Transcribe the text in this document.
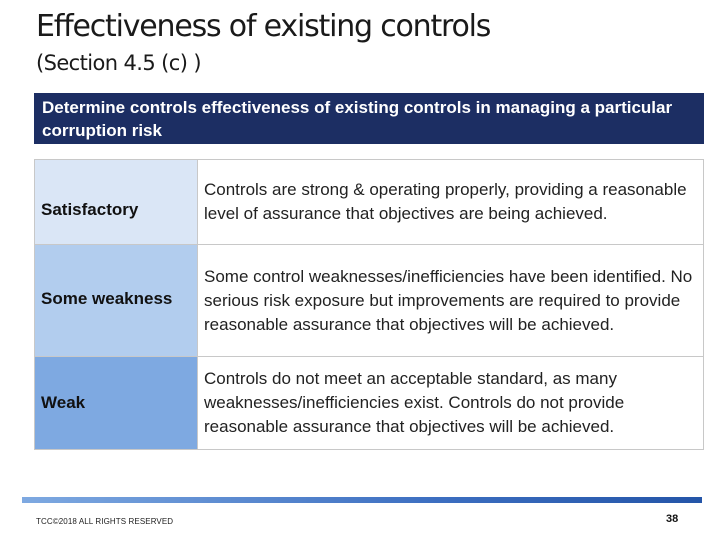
Effectiveness of existing controls
(Section 4.5 (c) )
Determine controls effectiveness of existing controls in managing a particular corruption risk
Satisfactory	Controls are strong & operating properly, providing a reasonable level of assurance that objectives are being achieved.
Some weakness	Some control weaknesses/inefficiencies have been identified. No serious risk exposure but improvements are required to provide reasonable assurance that objectives will be achieved.
Weak	Controls do not meet an acceptable standard, as many weaknesses/inefficiencies exist. Controls do not provide reasonable assurance that objectives will be achieved.
TCC©2018 ALL RIGHTS RESERVED	38
